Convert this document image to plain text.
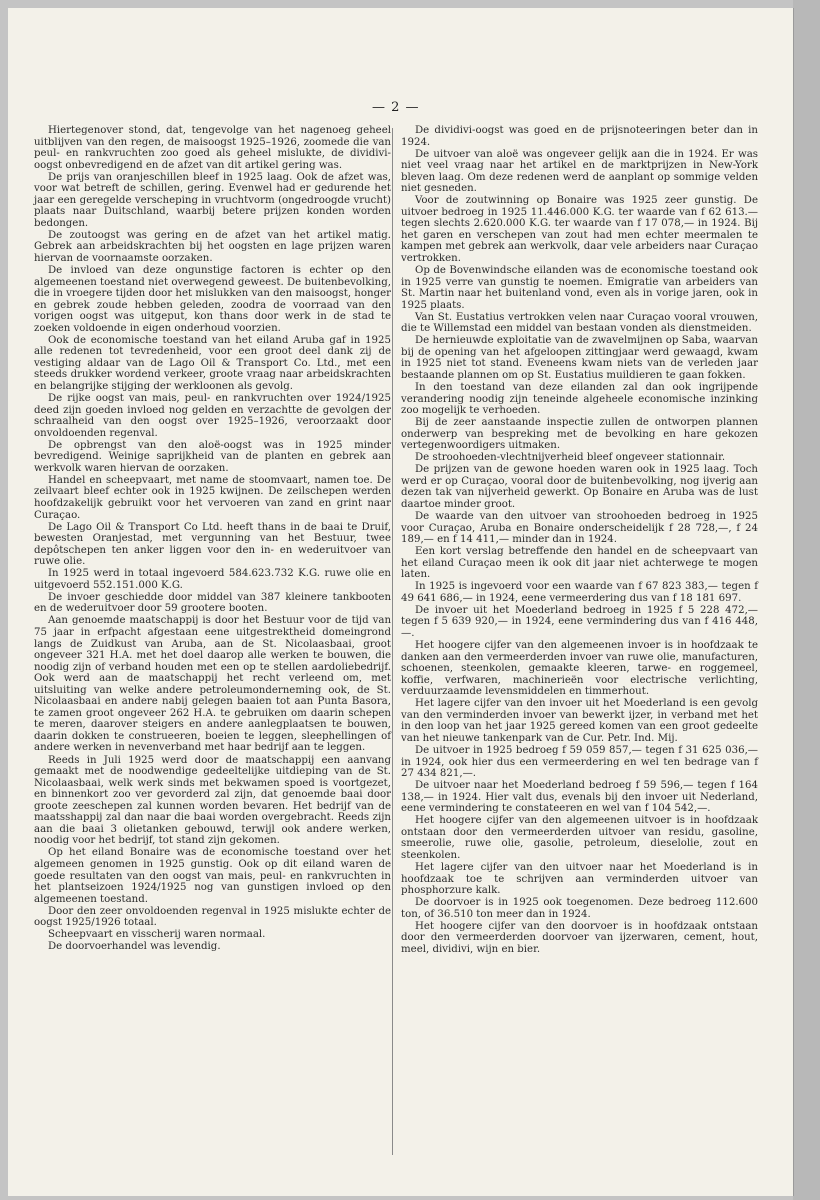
— 2 —

Hiertegenover stond, dat, tengevolge van het nagenoeg geheel uitblijven van den regen, de maisoogst 1925–1926, zoomede die van peul- en rankvruchten zoo goed als geheel mislukte, de dividivi-oogst onbevredigend en de afzet van dit artikel gering was.

De prijs van oranjeschillen bleef in 1925 laag. Ook de afzet was, voor wat betreft de schillen, gering. Evenwel had er gedurende het jaar een geregelde verscheping in vruchtvorm (ongedroogde vrucht) plaats naar Duitschland, waarbij betere prijzen konden worden bedongen.

De zoutoogst was gering en de afzet van het artikel matig. Gebrek aan arbeidskrachten bij het oogsten en lage prijzen waren hiervan de voornaamste oorzaken.

De invloed van deze ongunstige factoren is echter op den algemeenen toestand niet overwegend geweest. De buitenbevolking, die in vroegere tijden door het mislukken van den maisoogst, honger en gebrek zoude hebben geleden, zoodra de voorraad van den vorigen oogst was uitgeput, kon thans door werk in de stad te zoeken voldoende in eigen onderhoud voorzien.

Ook de economische toestand van het eiland Aruba gaf in 1925 alle redenen tot tevredenheid, voor een groot deel dank zij de vestiging aldaar van de Lago Oil & Transport Co. Ltd., met een steeds drukker wordend verkeer, groote vraag naar arbeidskrachten en belangrijke stijging der werkloonen als gevolg.

De rijke oogst van mais, peul- en rankvruchten over 1924/1925 deed zijn goeden invloed nog gelden en verzachtte de gevolgen der schraalheid van den oogst over 1925–1926, veroorzaakt door onvoldoenden regenval.

De opbrengst van den aloë-oogst was in 1925 minder bevredigend. Weinige saprijkheid van de planten en gebrek aan werkvolk waren hiervan de oorzaken.

Handel en scheepvaart, met name de stoomvaart, namen toe. De zeilvaart bleef echter ook in 1925 kwijnen. De zeilschepen werden hoofdzakelijk gebruikt voor het vervoeren van zand en grint naar Curaçao.

De Lago Oil & Transport Co Ltd. heeft thans in de baai te Druif, bewesten Oranjestad, met vergunning van het Bestuur, twee depôtschepen ten anker liggen voor den in- en wederuitvoer van ruwe olie.

In 1925 werd in totaal ingevoerd 584.623.732 K.G. ruwe olie en uitgevoerd 552.151.000 K.G.

De invoer geschiedde door middel van 387 kleinere tankbooten en de wederuitvoer door 59 grootere booten.

Aan genoemde maatschappij is door het Bestuur voor de tijd van 75 jaar in erfpacht afgestaan eene uitgestrektheid domeingrond langs de Zuidkust van Aruba, aan de St. Nicolaasbaai, groot ongeveer 321 H.A. met het doel daarop alle werken te bouwen, die noodig zijn of verband houden met een op te stellen aardoliebedrijf. Ook werd aan de maatschappij het recht verleend om, met uitsluiting van welke andere petroleumonderneming ook, de St. Nicolaasbaai en andere nabij gelegen baaien tot aan Punta Basora, te zamen groot ongeveer 262 H.A. te gebruiken om daarin schepen te meren, daarover steigers en andere aanlegplaatsen te bouwen, daarin dokken te construeeren, boeien te leggen, sleephellingen of andere werken in nevenverband met haar bedrijf aan te leggen.

Reeds in Juli 1925 werd door de maatschappij een aanvang gemaakt met de noodwendige gedeeltelijke uitdieping van de St. Nicolaasbaai, welk werk sinds met bekwamen spoed is voortgezet, en binnenkort zoo ver gevorderd zal zijn, dat genoemde baai door groote zeeschepen zal kunnen worden bevaren. Het bedrijf van de maatsshappij zal dan naar die baai worden overgebracht. Reeds zijn aan die baai 3 olietanken gebouwd, terwijl ook andere werken, noodig voor het bedrijf, tot stand zijn gekomen.

Op het eiland Bonaire was de economische toestand over het algemeen genomen in 1925 gunstig. Ook op dit eiland waren de goede resultaten van den oogst van mais, peul- en rankvruchten in het plantseizoen 1924/1925 nog van gunstigen invloed op den algemeenen toestand.

Door den zeer onvoldoenden regenval in 1925 mislukte echter de oogst 1925/1926 totaal.

Scheepvaart en visscherij waren normaal.

De doorvoerhandel was levendig.

De dividivi-oogst was goed en de prijsnoteeringen beter dan in 1924.

De uitvoer van aloë was ongeveer gelijk aan die in 1924. Er was niet veel vraag naar het artikel en de marktprijzen in New-York bleven laag. Om deze redenen werd de aanplant op sommige velden niet gesneden.

Voor de zoutwinning op Bonaire was 1925 zeer gunstig. De uitvoer bedroeg in 1925 11.446.000 K.G. ter waarde van f 62 613.— tegen slechts 2.620.000 K.G. ter waarde van f 17 078,— in 1924. Bij het garen en verschepen van zout had men echter meermalen te kampen met gebrek aan werkvolk, daar vele arbeiders naar Curaçao vertrokken.

Op de Bovenwindsche eilanden was de economische toestand ook in 1925 verre van gunstig te noemen. Emigratie van arbeiders van St. Martin naar het buitenland vond, even als in vorige jaren, ook in 1925 plaats.

Van St. Eustatius vertrokken velen naar Curaçao vooral vrouwen, die te Willemstad een middel van bestaan vonden als dienstmeiden.

De hernieuwde exploitatie van de zwavelmijnen op Saba, waarvan bij de opening van het afgeloopen zittingjaar werd gewaagd, kwam in 1925 niet tot stand. Eveneens kwam niets van de verleden jaar bestaande plannen om op St. Eustatius muildieren te gaan fokken.

In den toestand van deze eilanden zal dan ook ingrijpende verandering noodig zijn teneinde algeheele economische inzinking zoo mogelijk te verhoeden.

Bij de zeer aanstaande inspectie zullen de ontworpen plannen onderwerp van bespreking met de bevolking en hare gekozen vertegenwoordigers uitmaken.

De stroohoeden-vlechtnijverheid bleef ongeveer stationnair.

De prijzen van de gewone hoeden waren ook in 1925 laag. Toch werd er op Curaçao, vooral door de buitenbevolking, nog ijverig aan dezen tak van nijverheid gewerkt. Op Bonaire en Aruba was de lust daartoe minder groot.

De waarde van den uitvoer van stroohoeden bedroeg in 1925 voor Curaçao, Aruba en Bonaire onderscheidelijk f 28 728,—, f 24 189,— en f 14 411,— minder dan in 1924.

Een kort verslag betreffende den handel en de scheepvaart van het eiland Curaçao meen ik ook dit jaar niet achterwege te mogen laten.

In 1925 is ingevoerd voor een waarde van f 67 823 383,— tegen f 49 641 686,— in 1924, eene vermeerdering dus van f 18 181 697.

De invoer uit het Moederland bedroeg in 1925 f 5 228 472,— tegen f 5 639 920,— in 1924, eene vermindering dus van f 416 448,—.

Het hoogere cijfer van den algemeenen invoer is in hoofdzaak te danken aan den vermeerderden invoer van ruwe olie, manufacturen, schoenen, steenkolen, gemaakte kleeren, tarwe- en roggemeel, koffie, verfwaren, machinerieën voor electrische verlichting, verduurzaamde levensmiddelen en timmerhout.

Het lagere cijfer van den invoer uit het Moederland is een gevolg van den verminderden invoer van bewerkt ijzer, in verband met het in den loop van het jaar 1925 gereed komen van een groot gedeelte van het nieuwe tankenpark van de Cur. Petr. Ind. Mij.

De uitvoer in 1925 bedroeg f 59 059 857,— tegen f 31 625 036,— in 1924, ook hier dus een vermeerdering en wel ten bedrage van f 27 434 821,—.

De uitvoer naar het Moederland bedroeg f 59 596,— tegen f 164 138,— in 1924. Hier valt dus, evenals bij den invoer uit Nederland, eene vermindering te constateeren en wel van f 104 542,—.

Het hoogere cijfer van den algemeenen uitvoer is in hoofdzaak ontstaan door den vermeerderden uitvoer van residu, gasoline, smeerolie, ruwe olie, gasolie, petroleum, dieselolie, zout en steenkolen.

Het lagere cijfer van den uitvoer naar het Moederland is in hoofdzaak toe te schrijven aan verminderden uitvoer van phosphorzure kalk.

De doorvoer is in 1925 ook toegenomen. Deze bedroeg 112.600 ton, of 36.510 ton meer dan in 1924.

Het hoogere cijfer van den doorvoer is in hoofdzaak ontstaan door den vermeerderden doorvoer van ijzerwaren, cement, hout, meel, dividivi, wijn en bier.
